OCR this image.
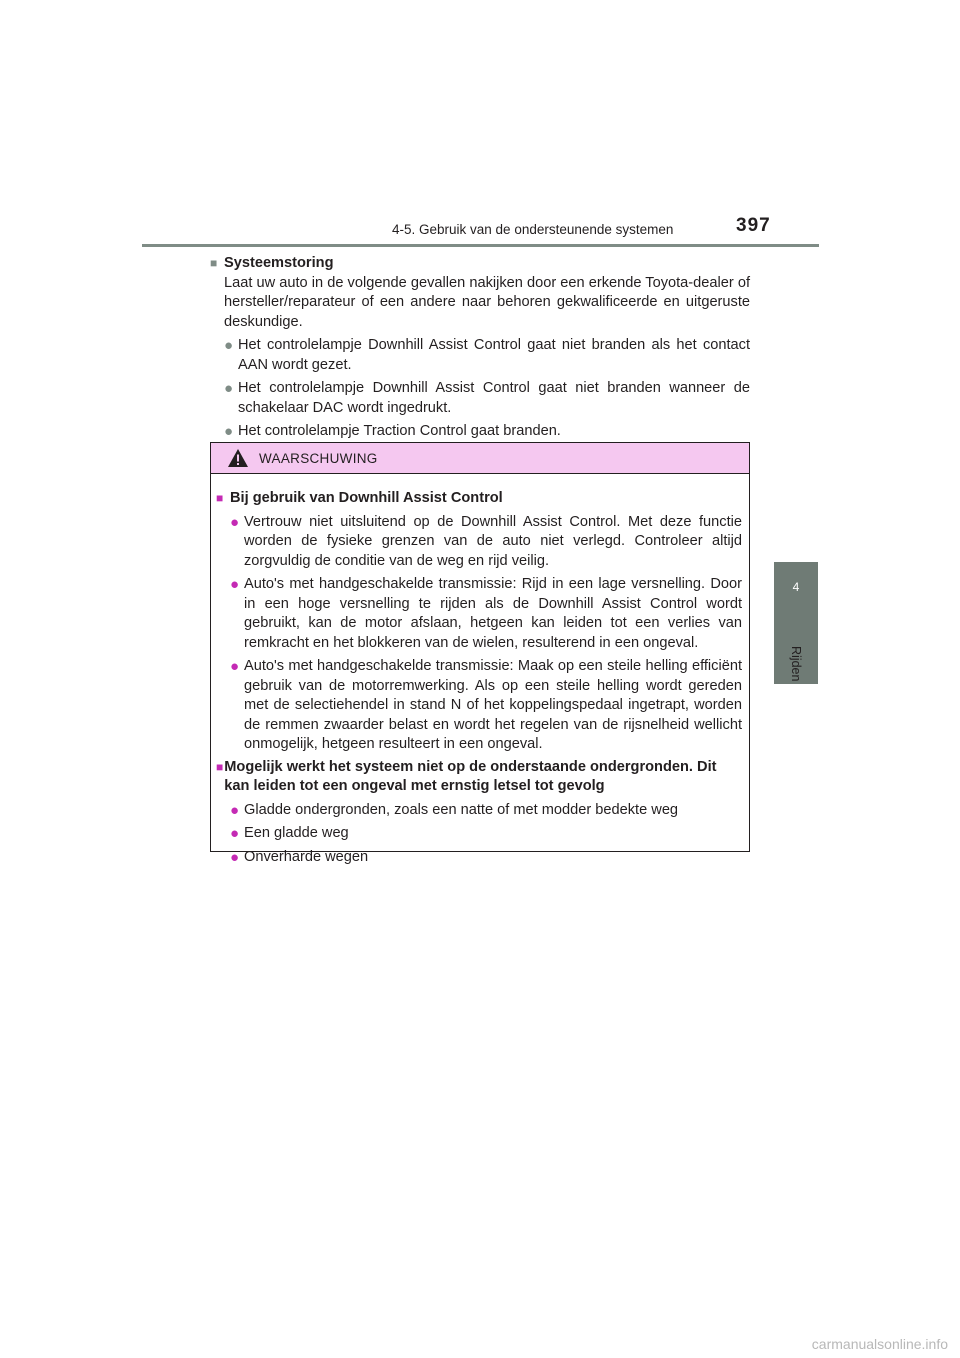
4-5. Gebruik van de ondersteunende systemen	397
4
Rijden
■ Systeemstoring
Laat uw auto in de volgende gevallen nakijken door een erkende Toyota-dealer of hersteller/reparateur of een andere naar behoren gekwalificeerde en uitgeruste deskundige.
● Het controlelampje Downhill Assist Control gaat niet branden als het contact AAN wordt gezet.
● Het controlelampje Downhill Assist Control gaat niet branden wanneer de schakelaar DAC wordt ingedrukt.
● Het controlelampje Traction Control gaat branden.
WAARSCHUWING
■ Bij gebruik van Downhill Assist Control
● Vertrouw niet uitsluitend op de Downhill Assist Control. Met deze functie worden de fysieke grenzen van de auto niet verlegd. Controleer altijd zorgvuldig de conditie van de weg en rijd veilig.
● Auto's met handgeschakelde transmissie: Rijd in een lage versnelling. Door in een hoge versnelling te rijden als de Downhill Assist Control wordt gebruikt, kan de motor afslaan, hetgeen kan leiden tot een verlies van remkracht en het blokkeren van de wielen, resulterend in een ongeval.
● Auto's met handgeschakelde transmissie: Maak op een steile helling efficiënt gebruik van de motorremwerking. Als op een steile helling wordt gereden met de selectiehendel in stand N of het koppelingspedaal ingetrapt, worden de remmen zwaarder belast en wordt het regelen van de rijsnelheid wellicht onmogelijk, hetgeen resulteert in een ongeval.
■ Mogelijk werkt het systeem niet op de onderstaande ondergronden. Dit kan leiden tot een ongeval met ernstig letsel tot gevolg
● Gladde ondergronden, zoals een natte of met modder bedekte weg
● Een gladde weg
● Onverharde wegen
carmanualsonline.info
